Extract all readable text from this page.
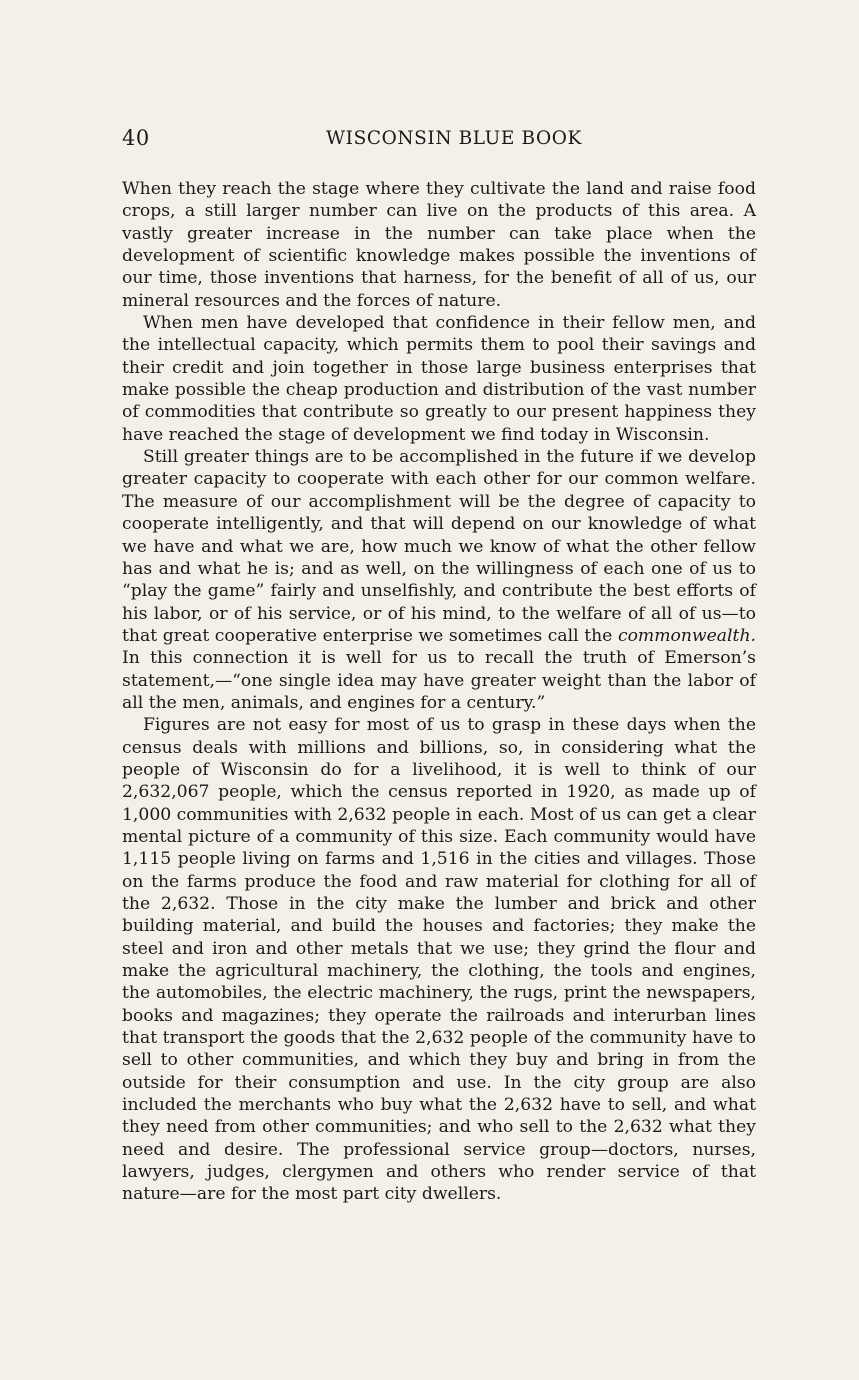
40	WISCONSIN BLUE BOOK

When they reach the stage where they cultivate the land and raise food crops, a still larger number can live on the products of this area. A vastly greater increase in the number can take place when the development of scientific knowledge makes possible the inventions of our time, those inventions that harness, for the benefit of all of us, our mineral resources and the forces of nature.

When men have developed that confidence in their fellow men, and the intellectual capacity, which permits them to pool their savings and their credit and join together in those large business enterprises that make possible the cheap production and distribution of the vast number of commodities that contribute so greatly to our present happiness they have reached the stage of development we find today in Wisconsin.

Still greater things are to be accomplished in the future if we develop greater capacity to cooperate with each other for our common welfare. The measure of our accomplishment will be the degree of capacity to cooperate intelligently, and that will depend on our knowledge of what we have and what we are, how much we know of what the other fellow has and what he is; and as well, on the willingness of each one of us to “play the game” fairly and unselfishly, and contribute the best efforts of his labor, or of his service, or of his mind, to the welfare of all of us—to that great cooperative enterprise we sometimes call the commonwealth. In this connection it is well for us to recall the truth of Emerson’s statement,—“one single idea may have greater weight than the labor of all the men, animals, and engines for a century.”

Figures are not easy for most of us to grasp in these days when the census deals with millions and billions, so, in considering what the people of Wisconsin do for a livelihood, it is well to think of our 2,632,067 people, which the census reported in 1920, as made up of 1,000 communities with 2,632 people in each. Most of us can get a clear mental picture of a community of this size. Each community would have 1,115 people living on farms and 1,516 in the cities and villages. Those on the farms produce the food and raw material for clothing for all of the 2,632. Those in the city make the lumber and brick and other building material, and build the houses and factories; they make the steel and iron and other metals that we use; they grind the flour and make the agricultural machinery, the clothing, the tools and engines, the automobiles, the electric machinery, the rugs, print the newspapers, books and magazines; they operate the railroads and interurban lines that transport the goods that the 2,632 people of the community have to sell to other communities, and which they buy and bring in from the outside for their consumption and use. In the city group are also included the merchants who buy what the 2,632 have to sell, and what they need from other communities; and who sell to the 2,632 what they need and desire. The professional service group—doctors, nurses, lawyers, judges, clergymen and others who render service of that nature—are for the most part city dwellers.
